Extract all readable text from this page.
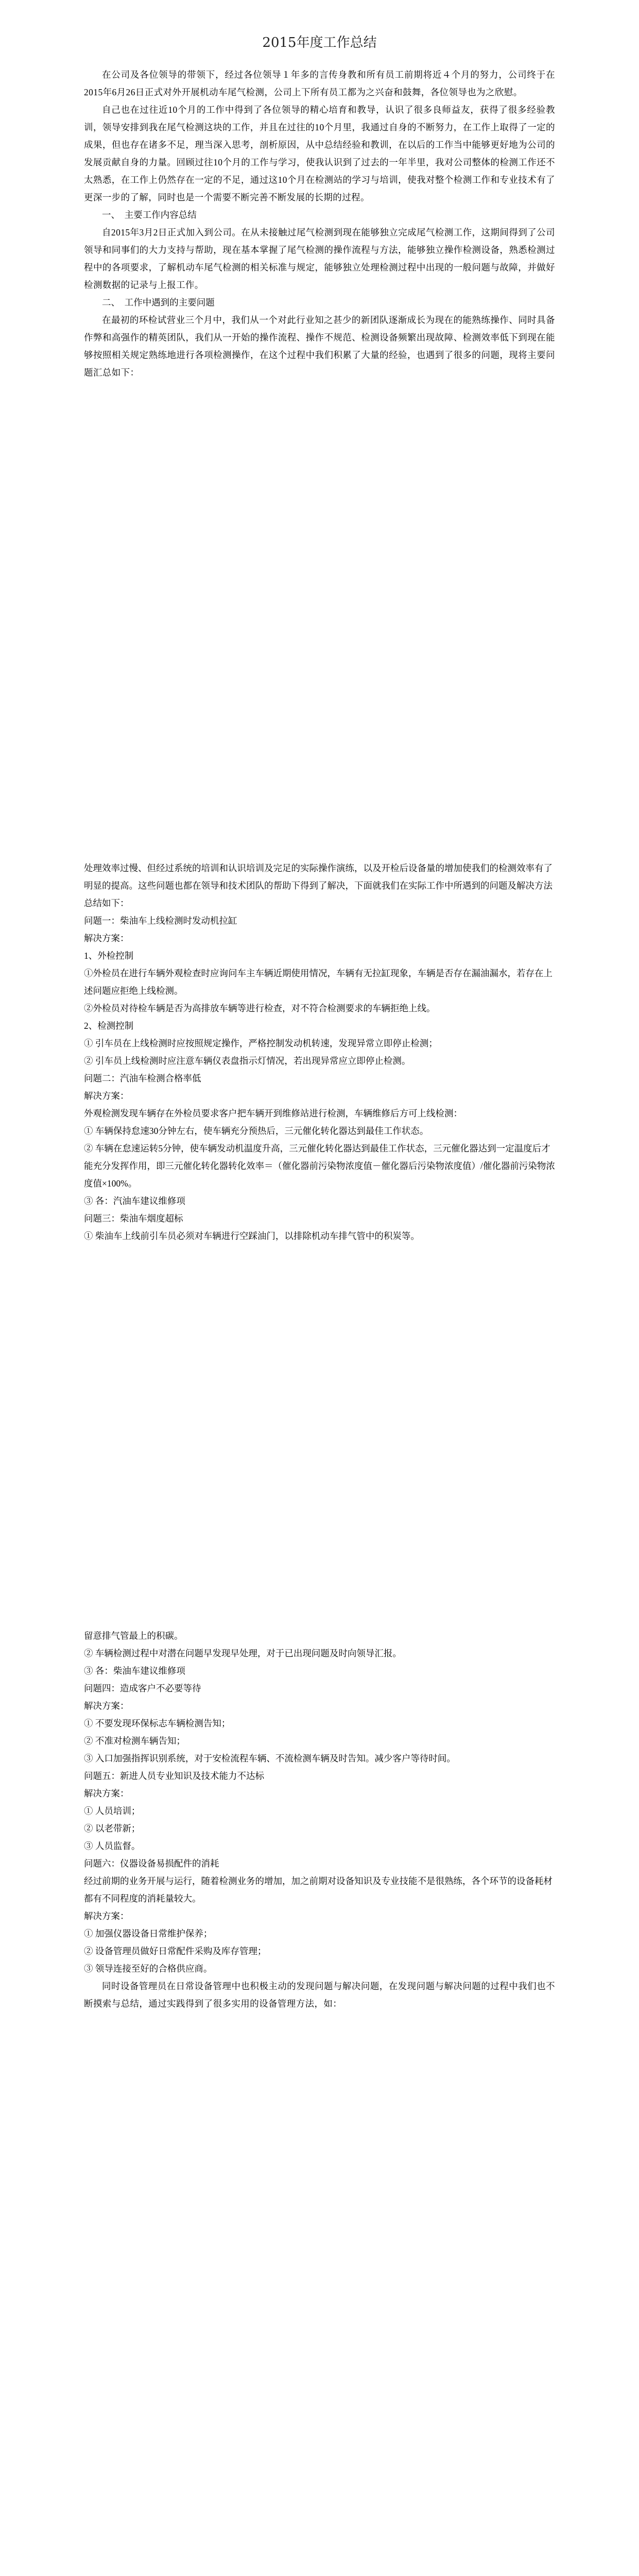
2015年度工作总结

在公司及各位领导的带领下，经过各位领导１年多的言传身教和所有员工前期将近４个月的努力，公司终于在2015年6月26日正式对外开展机动车尾气检测，公司上下所有员工都为之兴奋和鼓舞，各位领导也为之欣慰。

自己也在过往近10个月的工作中得到了各位领导的精心培育和教导，认识了很多良师益友，获得了很多经验教训，领导安排到我在尾气检测这块的工作，并且在过往的10个月里，我通过自身的不断努力，在工作上取得了一定的成果，但也存在诸多不足，理当深入思考，剖析原因，从中总结经验和教训，在以后的工作当中能够更好地为公司的发展贡献自身的力量。回顾过往10个月的工作与学习，使我认识到了过去的一年半里，我对公司整体的检测工作还不太熟悉，在工作上仍然存在一定的不足，通过这10个月在检测站的学习与培训，使我对整个检测工作和专业技术有了更深一步的了解，同时也是一个需要不断完善不断发展的长期的过程。

一、　主要工作内容总结

自2015年3月2日正式加入到公司。在从未接触过尾气检测到现在能够独立完成尾气检测工作，这期间得到了公司领导和同事们的大力支持与帮助，现在基本掌握了尾气检测的操作流程与方法，能够独立操作检测设备，熟悉检测过程中的各项要求，了解机动车尾气检测的相关标准与规定，能够独立处理检测过程中出现的一般问题与故障，并做好检测数据的记录与上报工作。

二、　工作中遇到的主要问题

在最初的环检试营业三个月中，我们从一个对此行业知之甚少的新团队逐渐成长为现在的能熟练操作、同时具备作弊和高强作的精英团队，我们从一开始的操作流程、操作不规范、检测设备频繁出现故障、检测效率低下到现在能够按照相关规定熟练地进行各项检测操作，在这个过程中我们积累了大量的经验，也遇到了很多的问题，现将主要问题汇总如下：

处理效率过慢、但经过系统的培训和认识培训及完足的实际操作演练，以及开检后设备量的增加使我们的检测效率有了明显的提高。这些问题也都在领导和技术团队的帮助下得到了解决，下面就我们在实际工作中所遇到的问题及解决方法总结如下：

问题一：柴油车上线检测时发动机拉缸

解决方案：

1、外检控制

①外检员在进行车辆外观检查时应询问车主车辆近期使用情况，车辆有无拉缸现象，车辆是否存在漏油漏水，若存在上述问题应拒绝上线检测。

②外检员对待检车辆是否为高排放车辆等进行检查，对不符合检测要求的车辆拒绝上线。

2、检测控制

① 引车员在上线检测时应按照规定操作，严格控制发动机转速，发现异常立即停止检测；

② 引车员上线检测时应注意车辆仪表盘指示灯情况，若出现异常应立即停止检测。

问题二：汽油车检测合格率低

解决方案：

外观检测发现车辆存在外检员要求客户把车辆开到维修站进行检测，车辆维修后方可上线检测：

① 车辆保持怠速30分钟左右，使车辆充分预热后，三元催化转化器达到最佳工作状态。

② 车辆在怠速运转5分钟，使车辆发动机温度升高，三元催化转化器达到最佳工作状态，三元催化器达到一定温度后才能充分发挥作用，即三元催化转化器转化效率＝（催化器前污染物浓度值－催化器后污染物浓度值）/催化器前污染物浓度值×100%。

③ 各：汽油车建议维修项

问题三：柴油车烟度超标

① 柴油车上线前引车员必须对车辆进行空踩油门，以排除机动车排气管中的积炭等。

留意排气管最上的积碳。

② 车辆检测过程中对潜在问题早发现早处理，对于已出现问题及时向领导汇报。

③ 各：柴油车建议维修项

问题四：造成客户不必要等待

解决方案：

① 不要发现环保标志车辆检测告知；

② 不准对检测车辆告知；

③ 入口加强指挥识别系统，对于安检流程车辆、不流检测车辆及时告知。减少客户等待时间。

问题五：新进人员专业知识及技术能力不达标

解决方案：

① 人员培训；

② 以老带新；

③ 人员监督。

问题六：仪器设备易损配件的消耗

经过前期的业务开展与运行，随着检测业务的增加，加之前期对设备知识及专业技能不是很熟练，各个环节的设备耗材都有不同程度的消耗量较大。

解决方案：

① 加强仪器设备日常维护保养；

② 设备管理员做好日常配件采购及库存管理；

③ 领导连接至好的合格供应商。

同时设备管理员在日常设备管理中也积极主动的发现问题与解决问题，在发现问题与解决问题的过程中我们也不断摸索与总结，通过实践得到了很多实用的设备管理方法，如：
